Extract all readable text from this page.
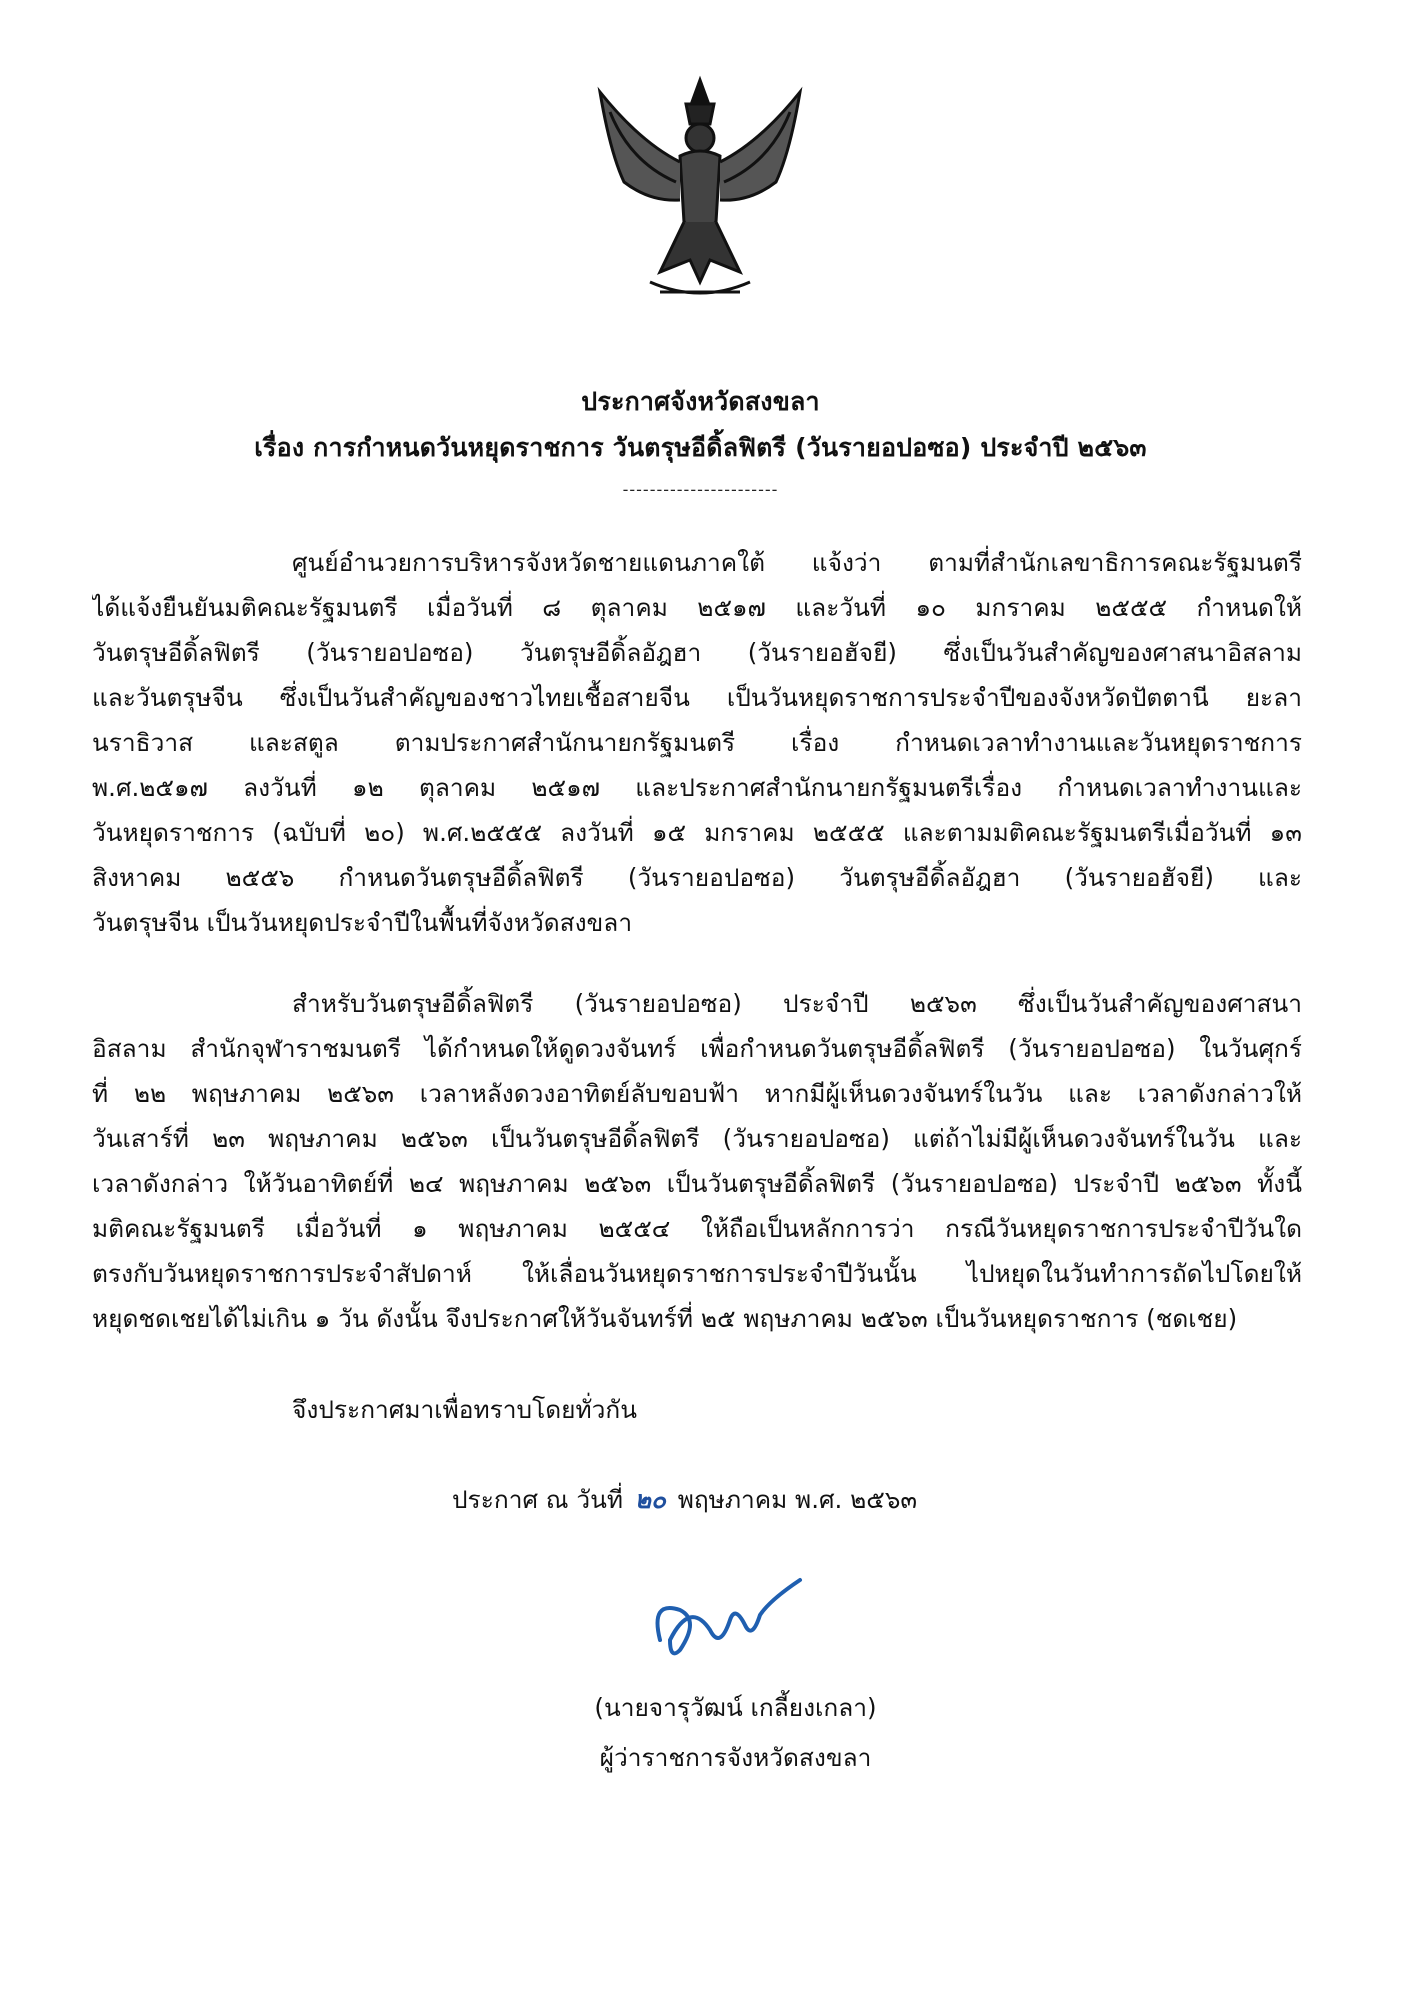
ประกาศจังหวัดสงขลา
เรื่อง การกำหนดวันหยุดราชการ วันตรุษอีดิ้ลฟิตรี (วันรายอปอซอ) ประจำปี ๒๕๖๓
-----------------------
ศูนย์อำนวยการบริหารจังหวัดชายแดนภาคใต้ แจ้งว่า ตามที่สำนักเลขาธิการคณะรัฐมนตรี
ได้แจ้งยืนยันมติคณะรัฐมนตรี เมื่อวันที่ ๘ ตุลาคม ๒๕๑๗ และวันที่ ๑๐ มกราคม ๒๕๕๕ กำหนดให้
วันตรุษอีดิ้ลฟิตรี (วันรายอปอซอ) วันตรุษอีดิ้ลอัฎฮา (วันรายอฮัจยี) ซึ่งเป็นวันสำคัญของศาสนาอิสลาม
และวันตรุษจีน ซึ่งเป็นวันสำคัญของชาวไทยเชื้อสายจีน เป็นวันหยุดราชการประจำปีของจังหวัดปัตตานี ยะลา
นราธิวาส และสตูล ตามประกาศสำนักนายกรัฐมนตรี เรื่อง กำหนดเวลาทำงานและวันหยุดราชการ
พ.ศ.๒๕๑๗ ลงวันที่ ๑๒ ตุลาคม ๒๕๑๗ และประกาศสำนักนายกรัฐมนตรีเรื่อง กำหนดเวลาทำงานและ
วันหยุดราชการ (ฉบับที่ ๒๐) พ.ศ.๒๕๕๕ ลงวันที่ ๑๕ มกราคม ๒๕๕๕ และตามมติคณะรัฐมนตรีเมื่อวันที่ ๑๓
สิงหาคม ๒๕๕๖ กำหนดวันตรุษอีดิ้ลฟิตรี (วันรายอปอซอ) วันตรุษอีดิ้ลอัฎฮา (วันรายอฮัจยี) และ
วันตรุษจีน เป็นวันหยุดประจำปีในพื้นที่จังหวัดสงขลา
สำหรับวันตรุษอีดิ้ลฟิตรี (วันรายอปอซอ) ประจำปี ๒๕๖๓ ซึ่งเป็นวันสำคัญของศาสนา
อิสลาม สำนักจุฬาราชมนตรี ได้กำหนดให้ดูดวงจันทร์ เพื่อกำหนดวันตรุษอีดิ้ลฟิตรี (วันรายอปอซอ) ในวันศุกร์
ที่ ๒๒ พฤษภาคม ๒๕๖๓ เวลาหลังดวงอาทิตย์ลับขอบฟ้า หากมีผู้เห็นดวงจันทร์ในวัน และ เวลาดังกล่าวให้
วันเสาร์ที่ ๒๓ พฤษภาคม ๒๕๖๓ เป็นวันตรุษอีดิ้ลฟิตรี (วันรายอปอซอ) แต่ถ้าไม่มีผู้เห็นดวงจันทร์ในวัน และ
เวลาดังกล่าว ให้วันอาทิตย์ที่ ๒๔ พฤษภาคม ๒๕๖๓ เป็นวันตรุษอีดิ้ลฟิตรี (วันรายอปอซอ) ประจำปี ๒๕๖๓ ทั้งนี้
มติคณะรัฐมนตรี เมื่อวันที่ ๑ พฤษภาคม ๒๕๕๔ ให้ถือเป็นหลักการว่า กรณีวันหยุดราชการประจำปีวันใด
ตรงกับวันหยุดราชการประจำสัปดาห์ ให้เลื่อนวันหยุดราชการประจำปีวันนั้น ไปหยุดในวันทำการถัดไปโดยให้
หยุดชดเชยได้ไม่เกิน ๑ วัน ดังนั้น จึงประกาศให้วันจันทร์ที่ ๒๕ พฤษภาคม ๒๕๖๓ เป็นวันหยุดราชการ (ชดเชย)
จึงประกาศมาเพื่อทราบโดยทั่วกัน
ประกาศ ณ วันที่ ๒๐ พฤษภาคม พ.ศ. ๒๕๖๓
(นายจารุวัฒน์ เกลี้ยงเกลา)
ผู้ว่าราชการจังหวัดสงขลา
